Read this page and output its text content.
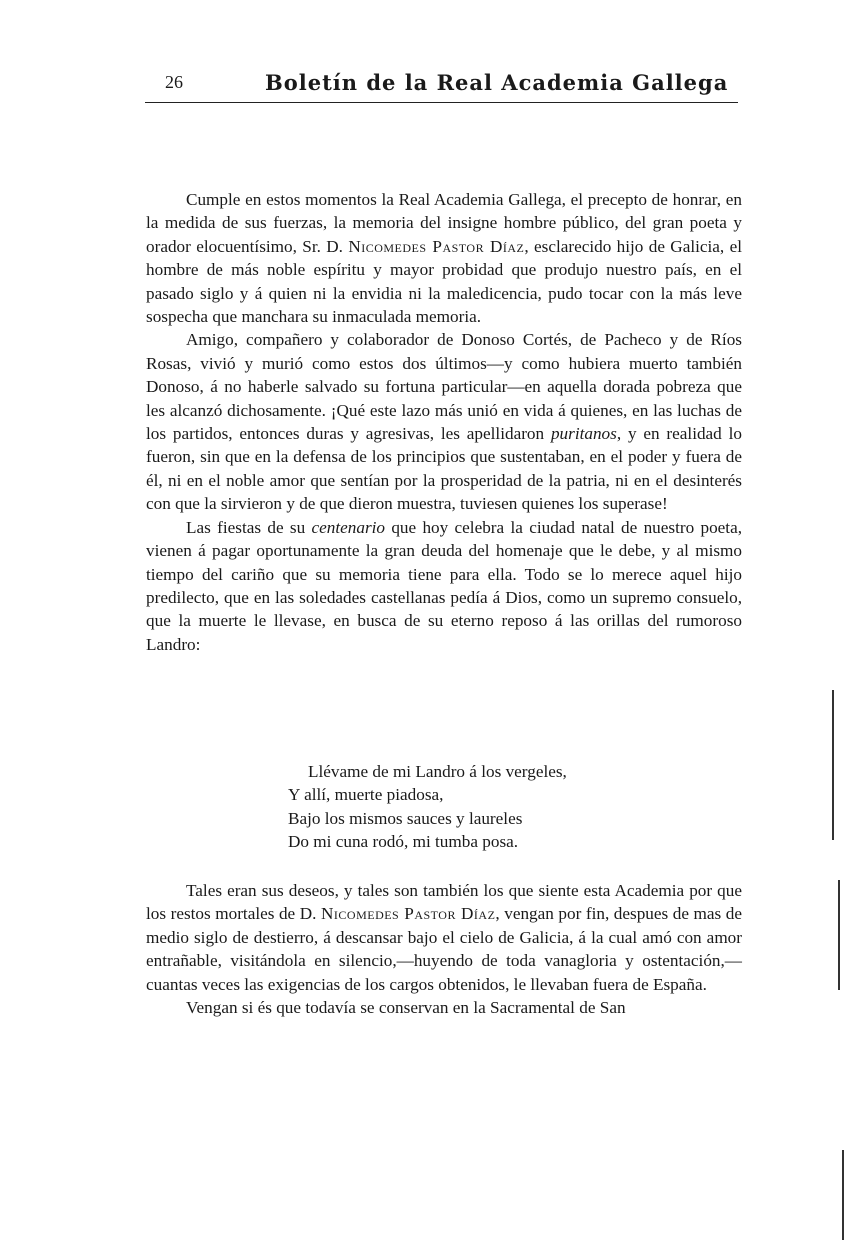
26	Boletín de la Real Academia Gallega

Cumple en estos momentos la Real Academia Gallega, el precepto de honrar, en la medida de sus fuerzas, la memoria del insigne hombre público, del gran poeta y orador elocuentísimo, Sr. D. Nicomedes Pastor Díaz, esclarecido hijo de Galicia, el hombre de más noble espíritu y mayor probidad que produjo nuestro país, en el pasado siglo y á quien ni la envidia ni la maledicencia, pudo tocar con la más leve sospecha que manchara su inmaculada memoria.

Amigo, compañero y colaborador de Donoso Cortés, de Pacheco y de Ríos Rosas, vivió y murió como estos dos últimos—y como hubiera muerto también Donoso, á no haberle salvado su fortuna particular—en aquella dorada pobreza que les alcanzó dichosamente. ¡Qué este lazo más unió en vida á quienes, en las luchas de los partidos, entonces duras y agresivas, les apellidaron puritanos, y en realidad lo fueron, sin que en la defensa de los principios que sustentaban, en el poder y fuera de él, ni en el noble amor que sentían por la prosperidad de la patria, ni en el desinterés con que la sirvieron y de que dieron muestra, tuviesen quienes los superase!

Las fiestas de su centenario que hoy celebra la ciudad natal de nuestro poeta, vienen á pagar oportunamente la gran deuda del homenaje que le debe, y al mismo tiempo del cariño que su memoria tiene para ella. Todo se lo merece aquel hijo predilecto, que en las soledades castellanas pedía á Dios, como un supremo consuelo, que la muerte le llevase, en busca de su eterno reposo á las orillas del rumoroso Landro:

Llévame de mi Landro á los vergeles,
Y allí, muerte piadosa,
Bajo los mismos sauces y laureles
Do mi cuna rodó, mi tumba posa.

Tales eran sus deseos, y tales son también los que siente esta Academia por que los restos mortales de D. Nicomedes Pastor Díaz, vengan por fin, despues de mas de medio siglo de destierro, á descansar bajo el cielo de Galicia, á la cual amó con amor entrañable, visitándola en silencio,—huyendo de toda vanagloria y ostentación,—cuantas veces las exigencias de los cargos obtenidos, le llevaban fuera de España.

Vengan si és que todavía se conservan en la Sacramental de San
